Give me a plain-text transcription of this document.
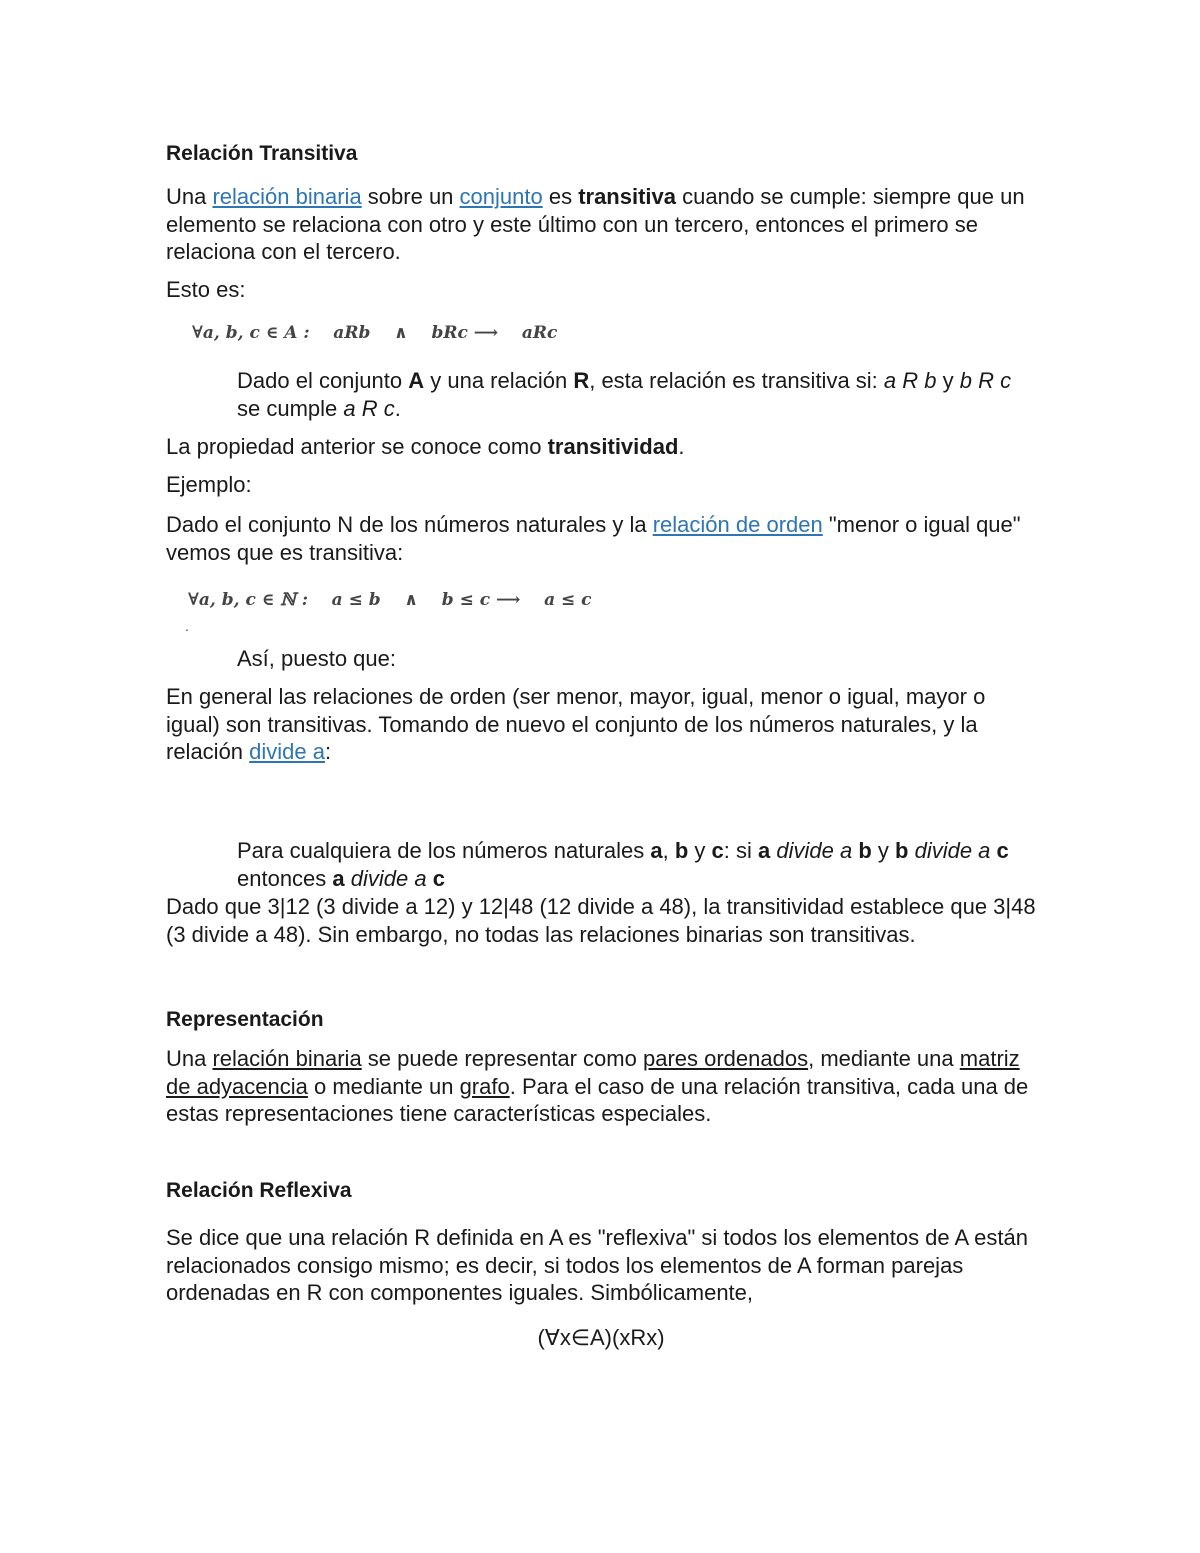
Relación Transitiva
Una relación binaria sobre un conjunto es transitiva cuando se cumple: siempre que un elemento se relaciona con otro y este último con un tercero, entonces el primero se relaciona con el tercero.
Esto es:
∀a, b, c ∈ A :    aRb    ∧    bRc ⟶    aRc
Dado el conjunto A y una relación R, esta relación es transitiva si: a R b y b R c se cumple a R c.
La propiedad anterior se conoce como transitividad.
Ejemplo:
Dado el conjunto N de los números naturales y la relación de orden "menor o igual que" vemos que es transitiva:
∀a, b, c ∈ ℕ :    a ≤ b    ∧    b ≤ c ⟶    a ≤ c
.
Así, puesto que:
En general las relaciones de orden (ser menor, mayor, igual, menor o igual, mayor o igual) son transitivas. Tomando de nuevo el conjunto de los números naturales, y la relación divide a:
Para cualquiera de los números naturales a, b y c: si a divide a b y b divide a c entonces a divide a c
Dado que 3|12 (3 divide a 12) y 12|48 (12 divide a 48), la transitividad establece que 3|48 (3 divide a 48). Sin embargo, no todas las relaciones binarias son transitivas.
Representación
Una relación binaria se puede representar como pares ordenados, mediante una matriz de adyacencia o mediante un grafo. Para el caso de una relación transitiva, cada una de estas representaciones tiene características especiales.
Relación Reflexiva
Se dice que una relación R definida en A es "reflexiva" si todos los elementos de A están relacionados consigo mismo; es decir, si todos los elementos de A forman parejas ordenadas en R con componentes iguales. Simbólicamente,
(∀x∈A)(xRx)
